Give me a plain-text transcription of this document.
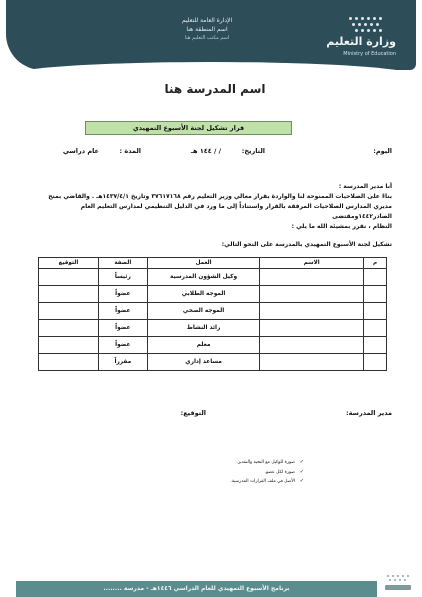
وزارة التعليم
Ministry of Education
الإدارة العامة للتعليم
اسم المنطقة هنا
اسم مكتب التعليم هنا
اسم المدرسة هنا
قرار تشكيل لجنة الأسبوع التمهيدي
اليوم:
التاريخ:
/ / ١٤٤ هـ
المدة :
عام دراسي
أنا مدير المدرسة :
بناءً على الصلاحيات الممنوحة لنا والواردة بقرار معالي وزير التعليم رقم ٣٧٦١٧١٦٨ وتاريخ ١٤٣٧/٤/١هـ . والقاضي بمنح
مديري المدارس الصلاحيات المرفقة بالقرار واستناداً إلى ما ورد في الدليل التنظيمي لمدارس التعليم العام الصادر١٤٤٢ومقتضى
النظام ، نقرر بمشيئة الله ما يلي :
تشكيل لجنة الأسبوع التمهيدي بالمدرسة على النحو التالي:
م	الاسم	العمل	الصفة	التوقيع
		وكيل الشؤون المدرسية	رئيساً	
		الموجه الطلابي	عضواً	
		الموجه الصحي	عضواً	
		رائد النشاط	عضواً	
		معلم	عضواً	
		مساعد إداري	مقرراً	
مدير المدرسة:
التوقيع:
✓ صورة للوكيل مع التحية والتقدير.
✓ صورة لكل عضو.
✓ الأصل في ملف القرارات المدرسية.
برنامج الأسبوع التمهيدي للعام الدراسي ١٤٤٦هـ - مدرسة ........
